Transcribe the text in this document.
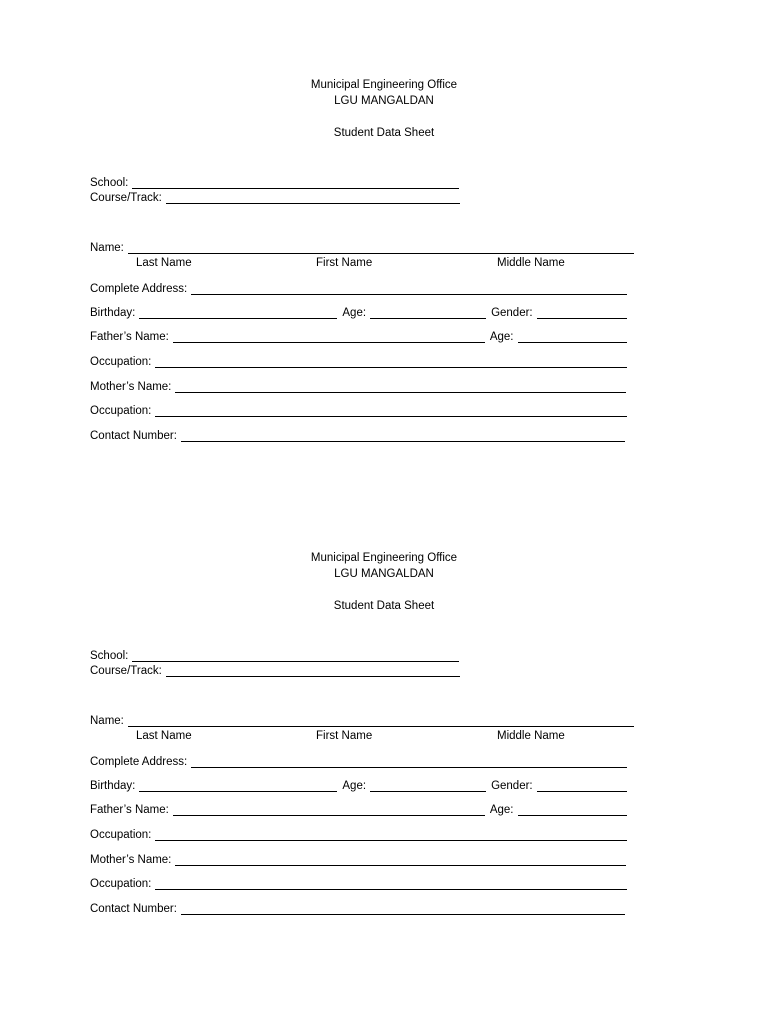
Municipal Engineering Office
LGU MANGALDAN
Student Data Sheet
School:
Course/Track:
Name:
Last Name	First Name	Middle Name
Complete Address:
Birthday:	Age:	Gender:
Father’s Name:	Age:
Occupation:
Mother’s Name:
Occupation:
Contact Number:
Municipal Engineering Office
LGU MANGALDAN
Student Data Sheet
School:
Course/Track:
Name:
Last Name	First Name	Middle Name
Complete Address:
Birthday:	Age:	Gender:
Father’s Name:	Age:
Occupation:
Mother’s Name:
Occupation:
Contact Number:
